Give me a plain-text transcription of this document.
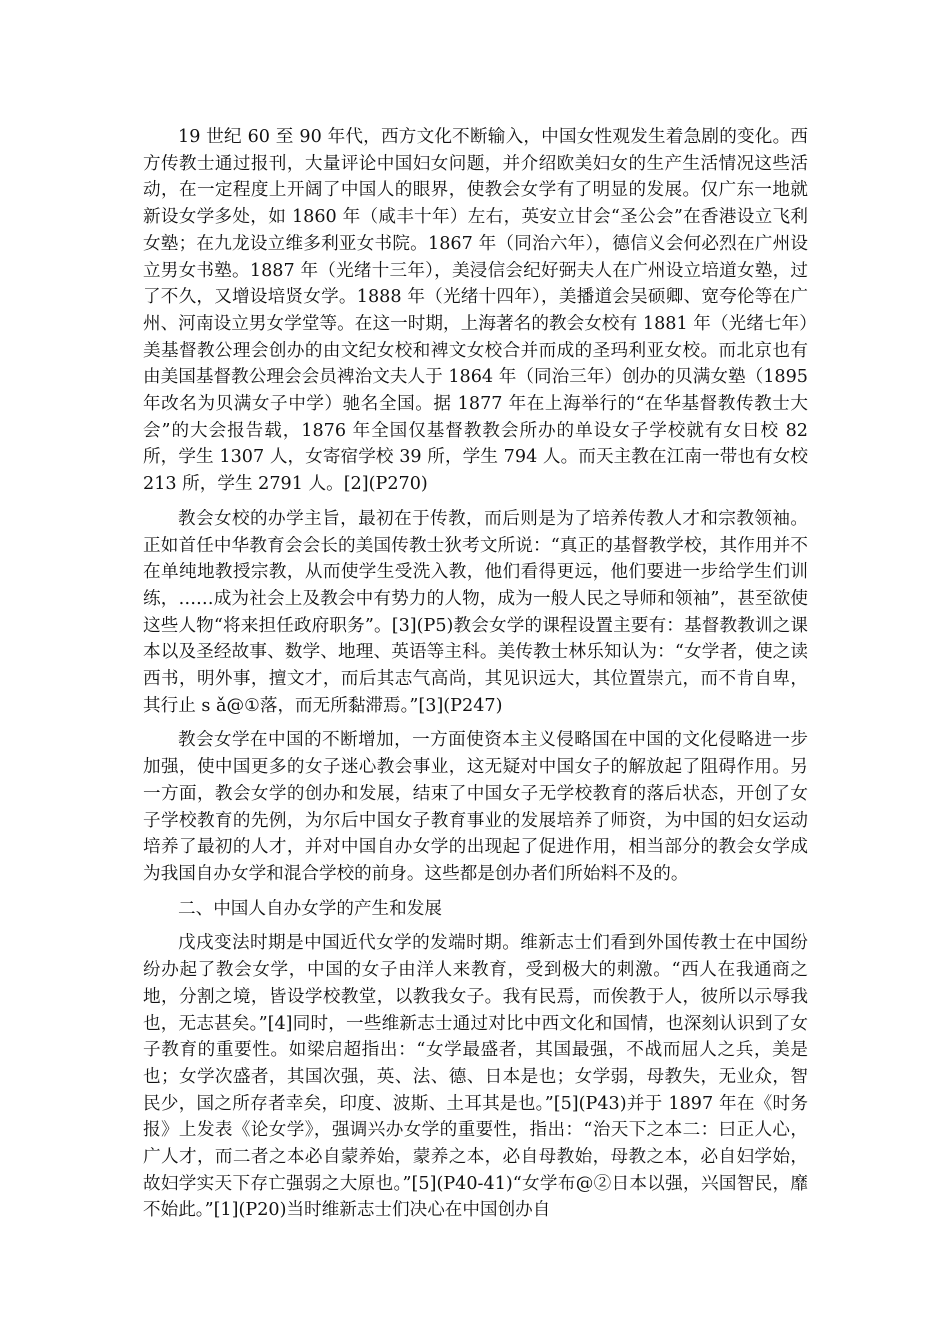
19 世纪 60 至 90 年代，西方文化不断输入，中国女性观发生着急剧的变化。西方传教士通过报刊，大量评论中国妇女问题，并介绍欧美妇女的生产生活情况这些活动，在一定程度上开阔了中国人的眼界，使教会女学有了明显的发展。仅广东一地就新设女学多处，如 1860 年（咸丰十年）左右，英安立甘会“圣公会”在香港设立飞利女塾；在九龙设立维多利亚女书院。1867 年（同治六年），德信义会何必烈在广州设立男女书塾。1887 年（光绪十三年），美浸信会纪好弼夫人在广州设立培道女塾，过了不久，又增设培贤女学。1888 年（光绪十四年），美播道会吴硕卿、宽夸伦等在广州、河南设立男女学堂等。在这一时期，上海著名的教会女校有 1881 年（光绪七年）美基督教公理会创办的由文纪女校和裨文女校合并而成的圣玛利亚女校。而北京也有由美国基督教公理会会员裨治文夫人于 1864 年（同治三年）创办的贝满女塾（1895 年改名为贝满女子中学）驰名全国。据 1877 年在上海举行的“在华基督教传教士大会”的大会报告载，1876 年全国仅基督教教会所办的单设女子学校就有女日校 82 所，学生 1307 人，女寄宿学校 39 所，学生 794 人。而天主教在江南一带也有女校 213 所，学生 2791 人。[2](P270)

教会女校的办学主旨，最初在于传教，而后则是为了培养传教人才和宗教领袖。正如首任中华教育会会长的美国传教士狄考文所说：“真正的基督教学校，其作用并不在单纯地教授宗教，从而使学生受洗入教，他们看得更远，他们要进一步给学生们训练，……成为社会上及教会中有势力的人物，成为一般人民之导师和领袖”，甚至欲使这些人物“将来担任政府职务”。[3](P5)教会女学的课程设置主要有：基督教教训之课本以及圣经故事、数学、地理、英语等主科。美传教士林乐知认为：“女学者，使之读西书，明外事，擅文才，而后其志气高尚，其见识远大，其位置崇亢，而不肯自卑，其行止 s ǎ@①落，而无所黏滞焉。”[3](P247)

教会女学在中国的不断增加，一方面使资本主义侵略国在中国的文化侵略进一步加强，使中国更多的女子迷心教会事业，这无疑对中国女子的解放起了阻碍作用。另一方面，教会女学的创办和发展，结束了中国女子无学校教育的落后状态，开创了女子学校教育的先例，为尔后中国女子教育事业的发展培养了师资，为中国的妇女运动培养了最初的人才，并对中国自办女学的出现起了促进作用，相当部分的教会女学成为我国自办女学和混合学校的前身。这些都是创办者们所始料不及的。

二、中国人自办女学的产生和发展

戊戌变法时期是中国近代女学的发端时期。维新志士们看到外国传教士在中国纷纷办起了教会女学，中国的女子由洋人来教育，受到极大的刺激。“西人在我通商之地，分割之境，皆设学校教堂，以教我女子。我有民焉，而俟教于人，彼所以示辱我也，无志甚矣。”[4]同时，一些维新志士通过对比中西文化和国情，也深刻认识到了女子教育的重要性。如梁启超指出：“女学最盛者，其国最强，不战而屈人之兵，美是也；女学次盛者，其国次强，英、法、德、日本是也；女学弱，母教失，无业众，智民少，国之所存者幸矣，印度、波斯、土耳其是也。”[5](P43)并于 1897 年在《时务报》上发表《论女学》，强调兴办女学的重要性，指出：“治天下之本二：曰正人心，广人才，而二者之本必自蒙养始，蒙养之本，必自母教始，母教之本，必自妇学始，故妇学实天下存亡强弱之大原也。”[5](P40-41)“女学布@②日本以强，兴国智民，靡不始此。”[1](P20)当时维新志士们决心在中国创办自
